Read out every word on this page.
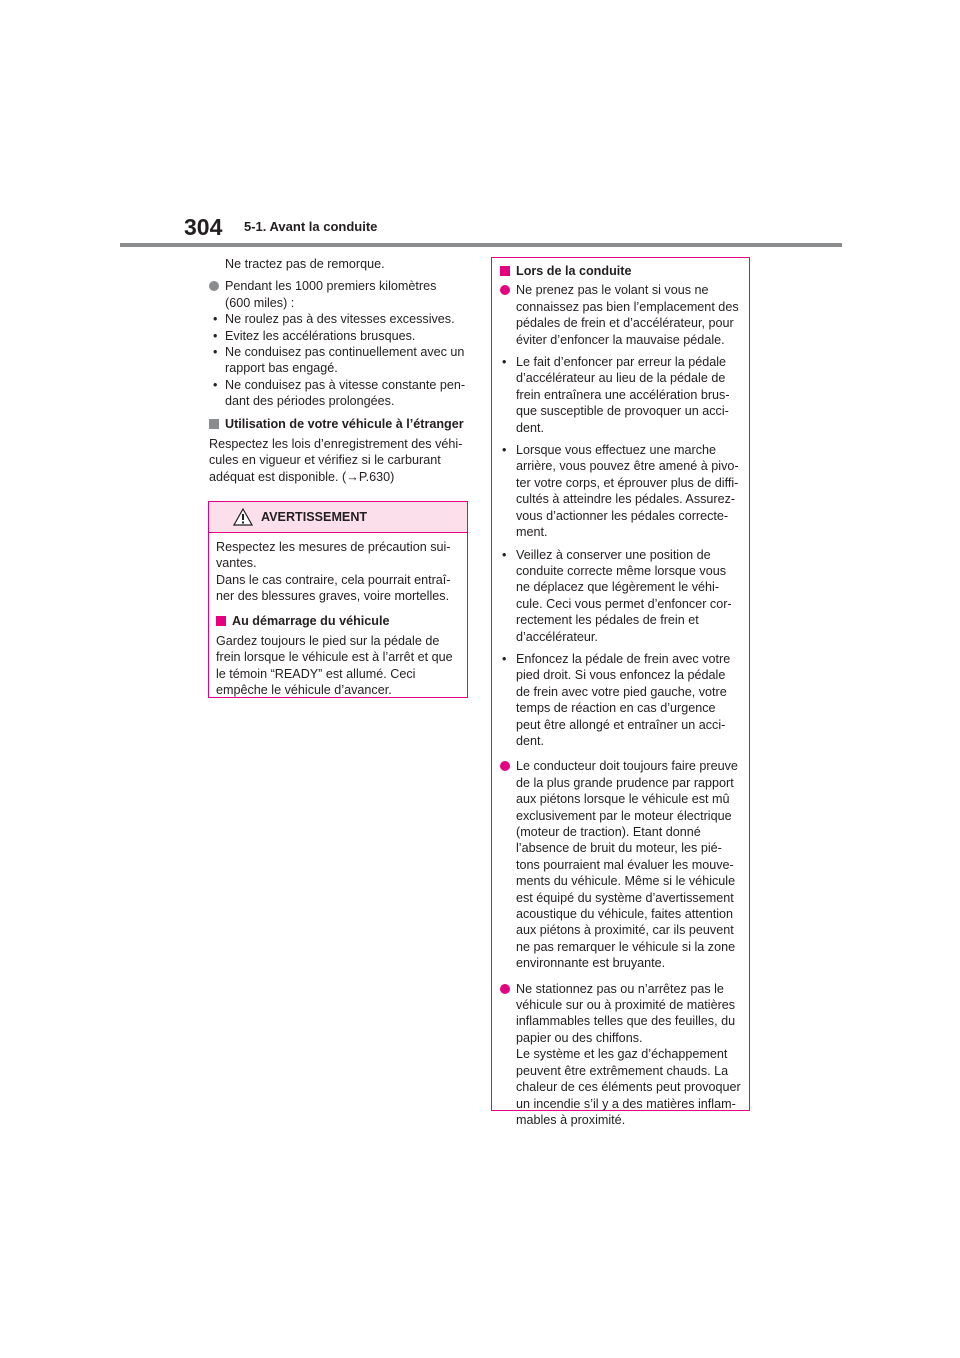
304 5-1. Avant la conduite

Ne tractez pas de remorque.

Pendant les 1000 premiers kilomètres
(600 miles) :
• Ne roulez pas à des vitesses excessives.
• Evitez les accélérations brusques.
• Ne conduisez pas continuellement avec un
rapport bas engagé.
• Ne conduisez pas à vitesse constante pen-
dant des périodes prolongées.
Utilisation de votre véhicule à l’étranger
Respectez les lois d’enregistrement des véhi-
cules en vigueur et vérifiez si le carburant
adéquat est disponible. (→P.630)
AVERTISSEMENT
Respectez les mesures de précaution sui-
vantes.
Dans le cas contraire, cela pourrait entraî-
ner des blessures graves, voire mortelles.
Au démarrage du véhicule
Gardez toujours le pied sur la pédale de
frein lorsque le véhicule est à l’arrêt et que
le témoin “READY” est allumé. Ceci
empêche le véhicule d’avancer.
Lors de la conduite
Ne prenez pas le volant si vous ne
connaissez pas bien l’emplacement des
pédales de frein et d’accélérateur, pour
éviter d’enfoncer la mauvaise pédale.
• Le fait d’enfoncer par erreur la pédale
d’accélérateur au lieu de la pédale de
frein entraînera une accélération brus-
que susceptible de provoquer un acci-
dent.
• Lorsque vous effectuez une marche
arrière, vous pouvez être amené à pivo-
ter votre corps, et éprouver plus de diffi-
cultés à atteindre les pédales. Assurez-
vous d’actionner les pédales correcte-
ment.
• Veillez à conserver une position de
conduite correcte même lorsque vous
ne déplacez que légèrement le véhi-
cule. Ceci vous permet d’enfoncer cor-
rectement les pédales de frein et
d’accélérateur.
• Enfoncez la pédale de frein avec votre
pied droit. Si vous enfoncez la pédale
de frein avec votre pied gauche, votre
temps de réaction en cas d’urgence
peut être allongé et entraîner un acci-
dent.
Le conducteur doit toujours faire preuve
de la plus grande prudence par rapport
aux piétons lorsque le véhicule est mû
exclusivement par le moteur électrique
(moteur de traction). Etant donné
l’absence de bruit du moteur, les pié-
tons pourraient mal évaluer les mouve-
ments du véhicule. Même si le véhicule
est équipé du système d’avertissement
acoustique du véhicule, faites attention
aux piétons à proximité, car ils peuvent
ne pas remarquer le véhicule si la zone
environnante est bruyante.
Ne stationnez pas ou n’arrêtez pas le
véhicule sur ou à proximité de matières
inflammables telles que des feuilles, du
papier ou des chiffons.
Le système et les gaz d’échappement
peuvent être extrêmement chauds. La
chaleur de ces éléments peut provoquer
un incendie s’il y a des matières inflam-
mables à proximité.
